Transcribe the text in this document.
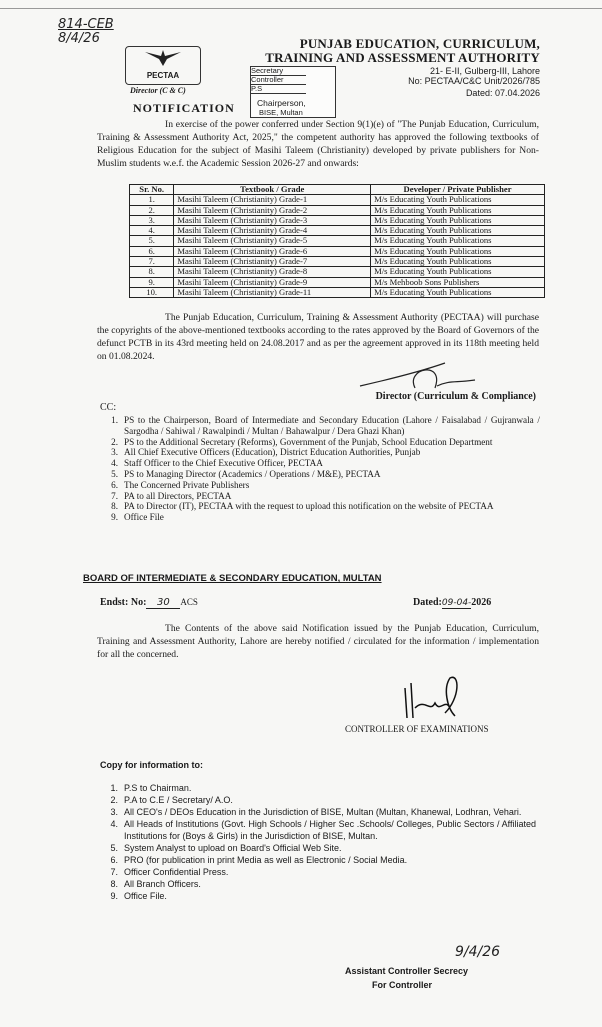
814-CEB
8/4/26
PECTAA
Director (C & C)
PUNJAB EDUCATION, CURRICULUM,
TRAINING AND ASSESSMENT AUTHORITY
21- E-II, Gulberg-III, Lahore
No: PECTAA/C&C Unit/2026/785
Dated: 07.04.2026
Secretary
Controller
P.S
Chairperson,
BISE, Multan
NOTIFICATION
In exercise of the power conferred under Section 9(1)(e) of "The Punjab Education, Curriculum, Training & Assessment Authority Act, 2025," the competent authority has approved the following textbooks of Religious Education for the subject of Masihi Taleem (Christianity) developed by private publishers for Non-Muslim students w.e.f. the Academic Session 2026-27 and onwards:
Sr. No.	Textbook / Grade	Developer / Private Publisher
1.	Masihi Taleem (Christianity) Grade-1	M/s Educating Youth Publications
2.	Masihi Taleem (Christianity) Grade-2	M/s Educating Youth Publications
3.	Masihi Taleem (Christianity) Grade-3	M/s Educating Youth Publications
4.	Masihi Taleem (Christianity) Grade-4	M/s Educating Youth Publications
5.	Masihi Taleem (Christianity) Grade-5	M/s Educating Youth Publications
6.	Masihi Taleem (Christianity) Grade-6	M/s Educating Youth Publications
7.	Masihi Taleem (Christianity) Grade-7	M/s Educating Youth Publications
8.	Masihi Taleem (Christianity) Grade-8	M/s Educating Youth Publications
9.	Masihi Taleem (Christianity) Grade-9	M/s Mehboob Sons Publishers
10.	Masihi Taleem (Christianity) Grade-11	M/s Educating Youth Publications
The Punjab Education, Curriculum, Training & Assessment Authority (PECTAA) will purchase the copyrights of the above-mentioned textbooks according to the rates approved by the Board of Governors of the defunct PCTB in its 43rd meeting held on 24.08.2017 and as per the agreement approved in its 118th meeting held on 01.08.2024.
Director (Curriculum & Compliance)
CC:
1. PS to the Chairperson, Board of Intermediate and Secondary Education (Lahore / Faisalabad / Gujranwala / Sargodha / Sahiwal / Rawalpindi / Multan / Bahawalpur / Dera Ghazi Khan)
2. PS to the Additional Secretary (Reforms), Government of the Punjab, School Education Department
3. All Chief Executive Officers (Education), District Education Authorities, Punjab
4. Staff Officer to the Chief Executive Officer, PECTAA
5. PS to Managing Director (Academics / Operations / M&E), PECTAA
6. The Concerned Private Publishers
7. PA to all Directors, PECTAA
8. PA to Director (IT), PECTAA with the request to upload this notification on the website of PECTAA
9. Office File
BOARD OF INTERMEDIATE & SECONDARY EDUCATION, MULTAN
Endst: No: 30 ACS	Dated:09-04-2026
The Contents of the above said Notification issued by the Punjab Education, Curriculum, Training and Assessment Authority, Lahore are hereby notified / circulated for the information / implementation for all the concerned.
CONTROLLER OF EXAMINATIONS
Copy for information to:
1. P.S to Chairman.
2. P.A to C.E / Secretary/ A.O.
3. All CEO's / DEOs Education in the Jurisdiction of BISE, Multan (Multan, Khanewal, Lodhran, Vehari.
4. All Heads of Institutions (Govt. High Schools / Higher Sec .Schools/ Colleges, Public Sectors / Affiliated Institutions for (Boys & Girls) in the Jurisdiction of BISE, Multan.
5. System Analyst to upload on Board's Official Web Site.
6. PRO (for publication in print Media as well as Electronic / Social Media.
7. Officer Confidential Press.
8. All Branch Officers.
9. Office File.
9/4/26
Assistant Controller Secrecy
For Controller
